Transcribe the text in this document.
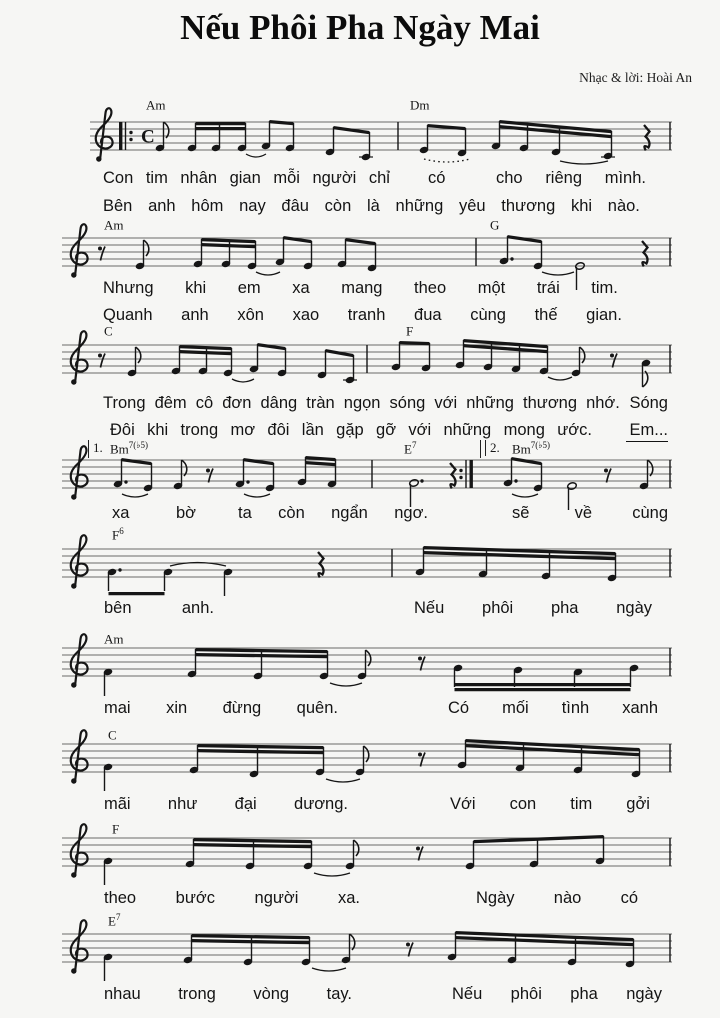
Nếu Phôi Pha Ngày Mai
Nhạc & lời: Hoài An
Am	Dm
C
Con tim nhân gian mỗi người chỉ có	cho riêng mình.
Bên anh hôm nay đâu còn là những yêu thương khi nào.
Am	G
Nhưng khi em xa mang theo một trái tim.
Quanh anh xôn xao tranh đua cùng thế gian.
C	F
Trong đêm cô đơn dâng tràn ngọn sóng với những thương nhớ. Sóng
Đôi khi trong mơ đôi lần gặp gỡ với những mong ước. Em...
1.	2.
$Bm^{7(♭5)}$	$E^7$	$Bm^{7(♭5)}$
xa	bờ	ta còn ngẩn ngơ.	sẽ	về	cùng
$F^6$
bên	anh.	Nếu phôi pha ngày
Am
mai xin đừng quên.	Có mối tình xanh
C
mãi như đại dương.	Với con tim gởi
F
theo bước người xa.	Ngày nào có
$E^7$
nhau trong vòng tay.	Nếu phôi pha ngày
